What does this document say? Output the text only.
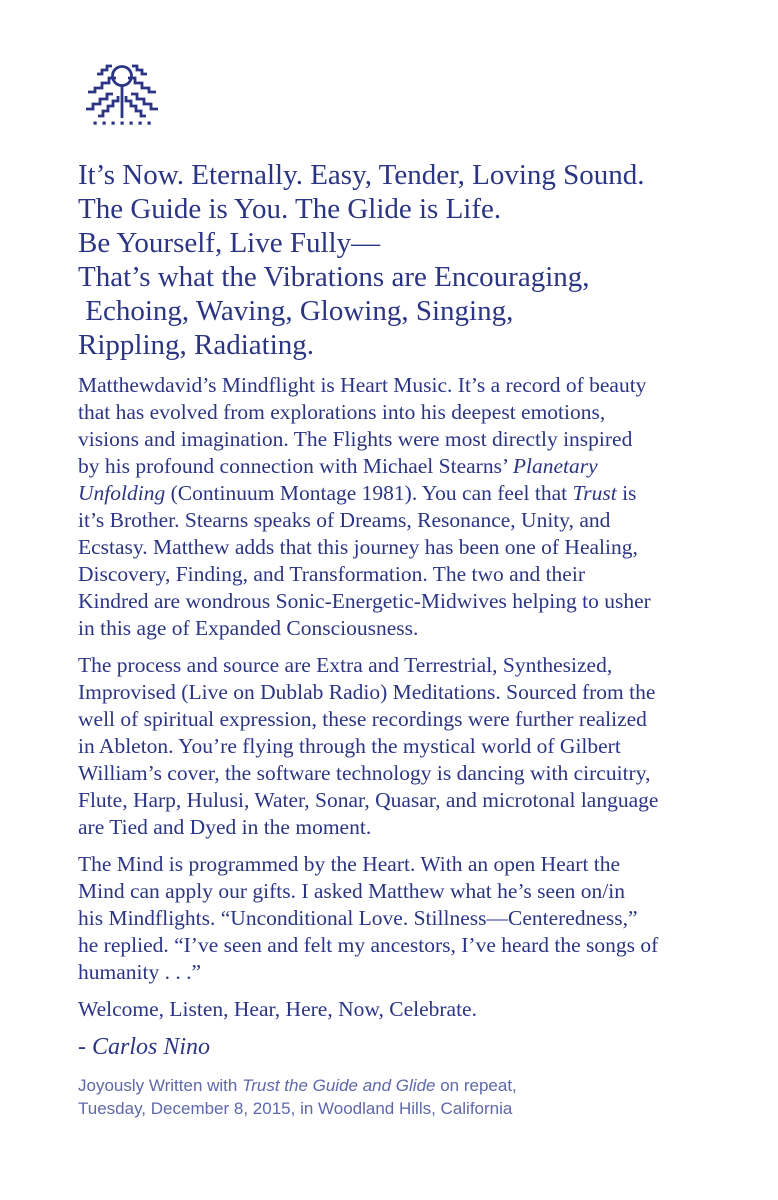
It’s Now. Eternally. Easy, Tender, Loving Sound.
The Guide is You. The Glide is Life.
Be Yourself, Live Fully—
That’s what the Vibrations are Encouraging,
Echoing, Waving, Glowing, Singing,
Rippling, Radiating.

Matthewdavid’s Mindflight is Heart Music. It’s a record of beauty
that has evolved from explorations into his deepest emotions,
visions and imagination. The Flights were most directly inspired
by his profound connection with Michael Stearns’ Planetary
Unfolding (Continuum Montage 1981). You can feel that Trust is
it’s Brother. Stearns speaks of Dreams, Resonance, Unity, and
Ecstasy. Matthew adds that this journey has been one of Healing,
Discovery, Finding, and Transformation. The two and their
Kindred are wondrous Sonic-Energetic-Midwives helping to usher
in this age of Expanded Consciousness.

The process and source are Extra and Terrestrial, Synthesized,
Improvised (Live on Dublab Radio) Meditations. Sourced from the
well of spiritual expression, these recordings were further realized
in Ableton. You’re flying through the mystical world of Gilbert
William’s cover, the software technology is dancing with circuitry,
Flute, Harp, Hulusi, Water, Sonar, Quasar, and microtonal language
are Tied and Dyed in the moment.

The Mind is programmed by the Heart. With an open Heart the
Mind can apply our gifts. I asked Matthew what he’s seen on/in
his Mindflights. “Unconditional Love. Stillness—Centeredness,”
he replied. “I’ve seen and felt my ancestors, I’ve heard the songs of
humanity . . .”

Welcome, Listen, Hear, Here, Now, Celebrate.

- Carlos Nino
Joyously Written with Trust the Guide and Glide on repeat,
Tuesday, December 8, 2015, in Woodland Hills, California
